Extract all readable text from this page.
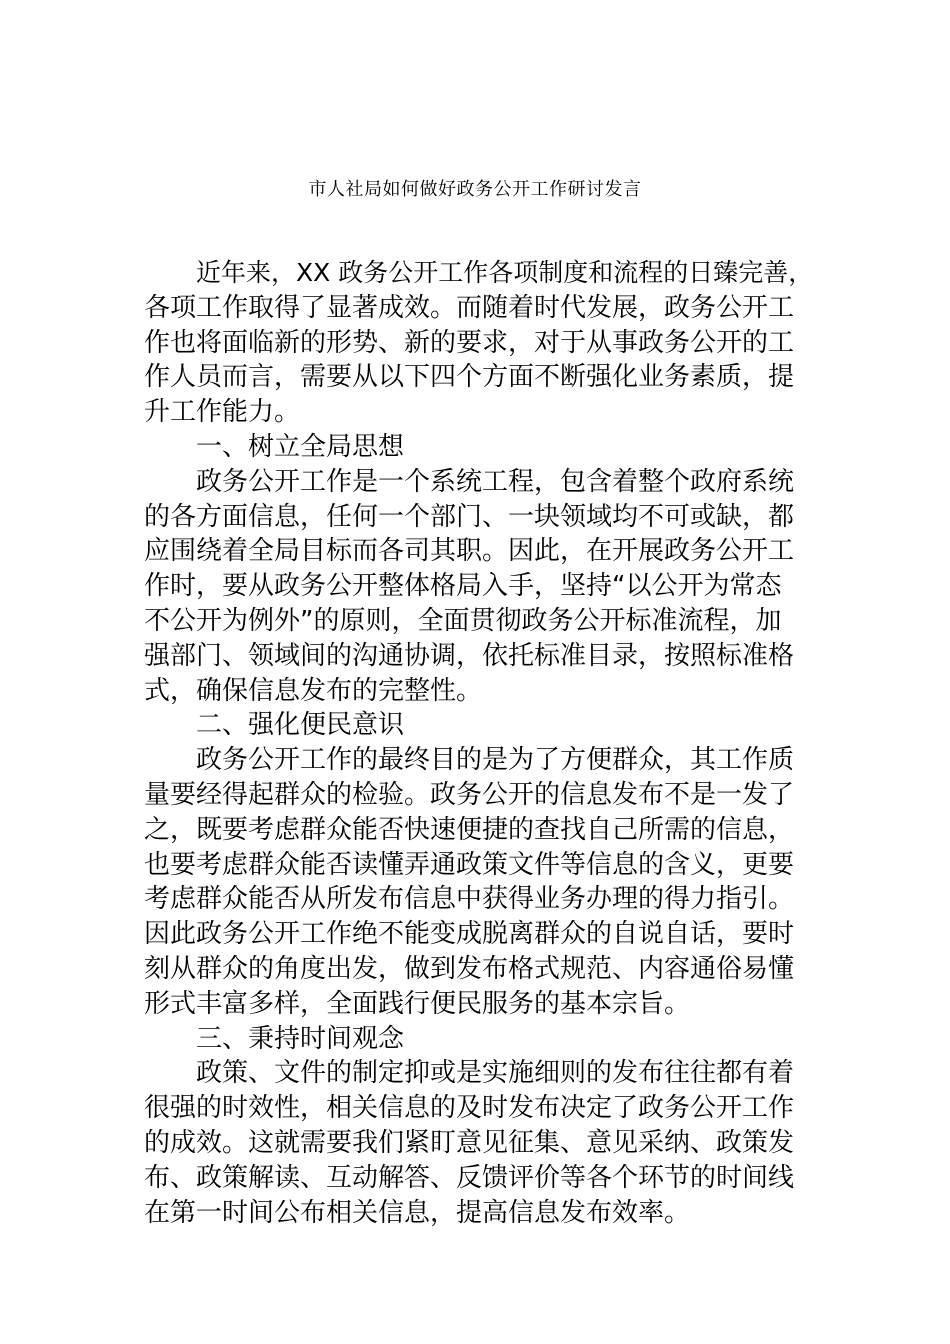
市人社局如何做好政务公开工作研讨发言
近年来，XX 政务公开工作各项制度和流程的日臻完善，
各项工作取得了显著成效。而随着时代发展，政务公开工
作也将面临新的形势、新的要求，对于从事政务公开的工
作人员而言，需要从以下四个方面不断强化业务素质，提
升工作能力。
一、树立全局思想
政务公开工作是一个系统工程，包含着整个政府系统
的各方面信息，任何一个部门、一块领域均不可或缺，都
应围绕着全局目标而各司其职。因此，在开展政务公开工
作时，要从政务公开整体格局入手，坚持“以公开为常态
不公开为例外”的原则，全面贯彻政务公开标准流程，加
强部门、领域间的沟通协调，依托标准目录，按照标准格
式，确保信息发布的完整性。
二、强化便民意识
政务公开工作的最终目的是为了方便群众，其工作质
量要经得起群众的检验。政务公开的信息发布不是一发了
之，既要考虑群众能否快速便捷的查找自己所需的信息，
也要考虑群众能否读懂弄通政策文件等信息的含义，更要
考虑群众能否从所发布信息中获得业务办理的得力指引。
因此政务公开工作绝不能变成脱离群众的自说自话，要时
刻从群众的角度出发，做到发布格式规范、内容通俗易懂
形式丰富多样，全面践行便民服务的基本宗旨。
三、秉持时间观念
政策、文件的制定抑或是实施细则的发布往往都有着
很强的时效性，相关信息的及时发布决定了政务公开工作
的成效。这就需要我们紧盯意见征集、意见采纳、政策发
布、政策解读、互动解答、反馈评价等各个环节的时间线
在第一时间公布相关信息，提高信息发布效率。
